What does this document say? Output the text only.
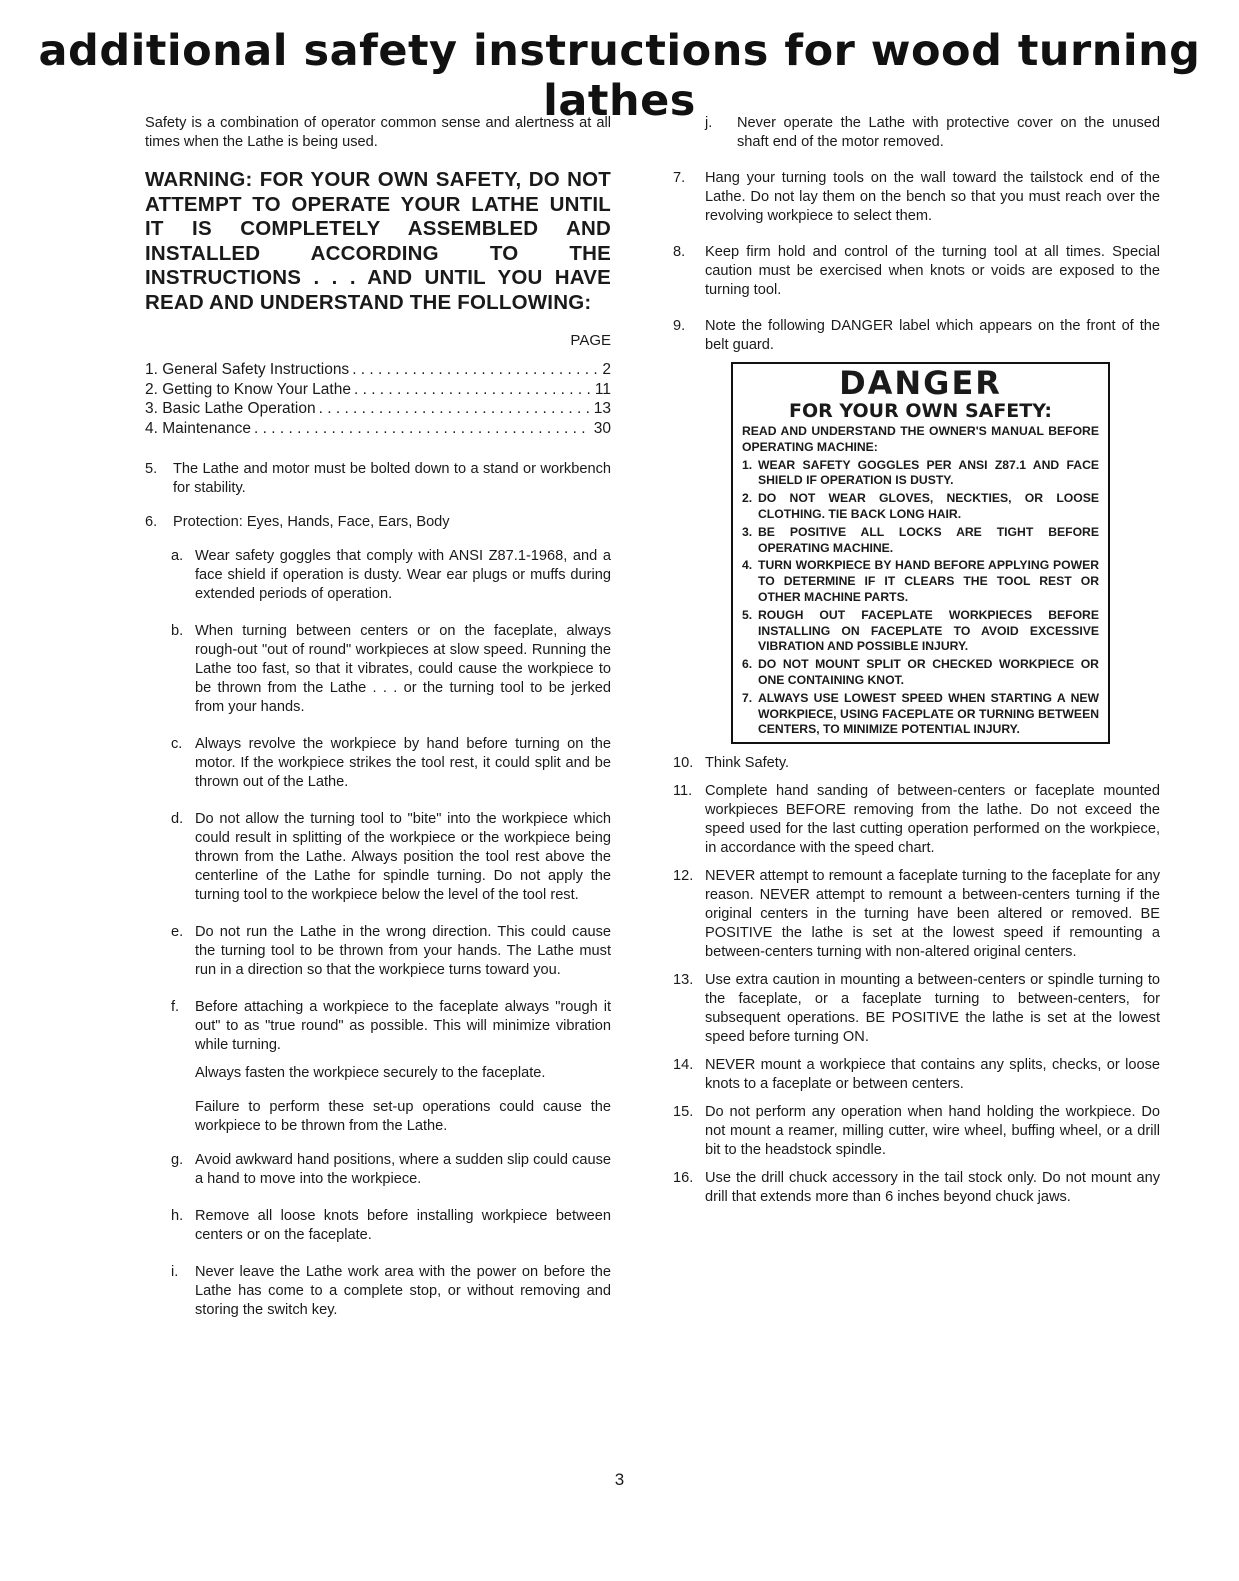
additional safety instructions for wood turning lathes

Safety is a combination of operator common sense and alertness at all times when the Lathe is being used.

WARNING: FOR YOUR OWN SAFETY, DO NOT ATTEMPT TO OPERATE YOUR LATHE UNTIL IT IS COMPLETELY ASSEMBLED AND INSTALLED ACCORDING TO THE INSTRUCTIONS . . . AND UNTIL YOU HAVE READ AND UNDERSTAND THE FOLLOWING:

PAGE

1. General Safety Instructions . . .	2
2. Getting to Know Your Lathe . . .	11
3. Basic Lathe Operation . . .	13
4. Maintenance . . .	30
5.	The Lathe and motor must be bolted down to a stand or workbench for stability.
6.	Protection: Eyes, Hands, Face, Ears, Body
a. Wear safety goggles that comply with ANSI Z87.1-1968, and a face shield if operation is dusty. Wear ear plugs or muffs during extended periods of operation.
b. When turning between centers or on the faceplate, always rough-out "out of round" workpieces at slow speed. Running the Lathe too fast, so that it vibrates, could cause the workpiece to be thrown from the Lathe . . . or the turning tool to be jerked from your hands.
c. Always revolve the workpiece by hand before turning on the motor. If the workpiece strikes the tool rest, it could split and be thrown out of the Lathe.
d. Do not allow the turning tool to "bite" into the workpiece which could result in splitting of the workpiece or the workpiece being thrown from the Lathe. Always position the tool rest above the centerline of the Lathe for spindle turning. Do not apply the turning tool to the workpiece below the level of the tool rest.
e. Do not run the Lathe in the wrong direction. This could cause the turning tool to be thrown from your hands. The Lathe must run in a direction so that the workpiece turns toward you.
f.	Before attaching a workpiece to the faceplate always "rough it out" to as "true round" as possible. This will minimize vibration while turning.

Always fasten the workpiece securely to the faceplate.

Failure to perform these set-up operations could cause the workpiece to be thrown from the Lathe.

g. Avoid awkward hand positions, where a sudden slip could cause a hand to move into the workpiece.
h. Remove all loose knots before installing workpiece between centers or on the faceplate.
i.	Never leave the Lathe work area with the power on before the Lathe has come to a complete stop, or without removing and storing the switch key.
j.	Never operate the Lathe with protective cover on the unused shaft end of the motor removed.
7.	Hang your turning tools on the wall toward the tailstock end of the Lathe. Do not lay them on the bench so that you must reach over the revolving workpiece to select them.
8.	Keep firm hold and control of the turning tool at all times. Special caution must be exercised when knots or voids are exposed to the turning tool.
9.	Note the following DANGER label which appears on the front of the belt guard.
DANGER
FOR YOUR OWN SAFETY:
READ AND UNDERSTAND THE OWNER'S MANUAL BEFORE OPERATING MACHINE:
1. WEAR SAFETY GOGGLES PER ANSI Z87.1 AND FACE SHIELD IF OPERATION IS DUSTY.
2. DO NOT WEAR GLOVES, NECKTIES, OR LOOSE CLOTHING. TIE BACK LONG HAIR.
3. BE POSITIVE ALL LOCKS ARE TIGHT BEFORE OPERATING MACHINE.
4. TURN WORKPIECE BY HAND BEFORE APPLYING POWER TO DETERMINE IF IT CLEARS THE TOOL REST OR OTHER MACHINE PARTS.
5. ROUGH OUT FACEPLATE WORKPIECES BEFORE INSTALLING ON FACEPLATE TO AVOID EXCESSIVE VIBRATION AND POSSIBLE INJURY.
6. DO NOT MOUNT SPLIT OR CHECKED WORKPIECE OR ONE CONTAINING KNOT.
7. ALWAYS USE LOWEST SPEED WHEN STARTING A NEW WORKPIECE, USING FACEPLATE OR TURNING BETWEEN CENTERS, TO MINIMIZE POTENTIAL INJURY.
10. Think Safety.
11. Complete hand sanding of between-centers or faceplate mounted workpieces BEFORE removing from the lathe. Do not exceed the speed used for the last cutting operation performed on the workpiece, in accordance with the speed chart.
12. NEVER attempt to remount a faceplate turning to the faceplate for any reason. NEVER attempt to remount a between-centers turning if the original centers in the turning have been altered or removed. BE POSITIVE the lathe is set at the lowest speed if remounting a between-centers turning with non-altered original centers.
13. Use extra caution in mounting a between-centers or spindle turning to the faceplate, or a faceplate turning to between-centers, for subsequent operations. BE POSITIVE the lathe is set at the lowest speed before turning ON.
14. NEVER mount a workpiece that contains any splits, checks, or loose knots to a faceplate or between centers.
15. Do not perform any operation when hand holding the workpiece. Do not mount a reamer, milling cutter, wire wheel, buffing wheel, or a drill bit to the headstock spindle.
16. Use the drill chuck accessory in the tail stock only. Do not mount any drill that extends more than 6 inches beyond chuck jaws.
3
